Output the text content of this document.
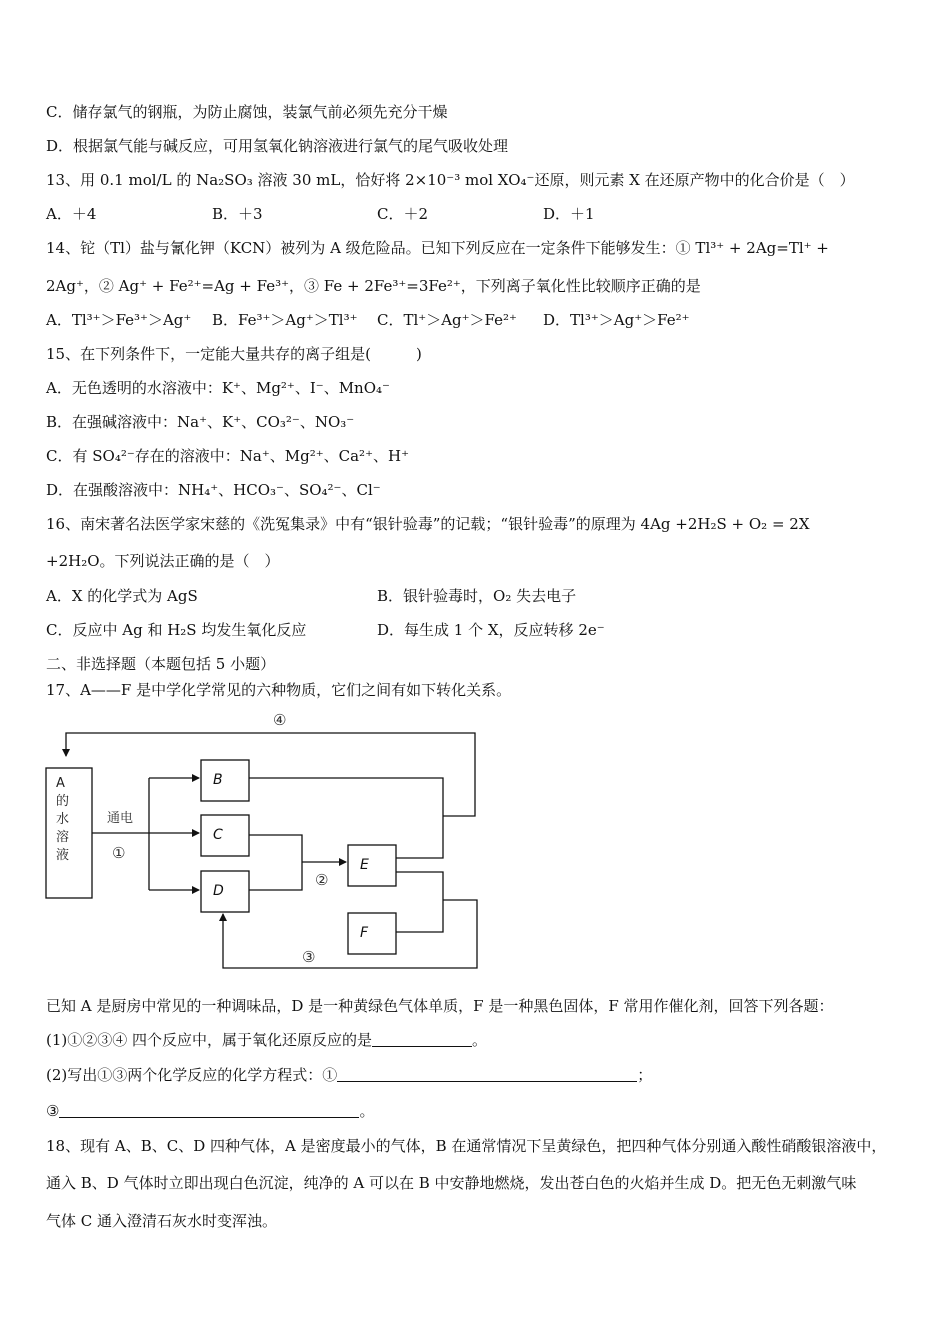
C．储存氯气的钢瓶，为防止腐蚀，装氯气前必须先充分干燥
D．根据氯气能与碱反应，可用氢氧化钠溶液进行氯气的尾气吸收处理
13、用 0.1 mol/L 的 Na₂SO₃ 溶液 30 mL，恰好将 2×10⁻³ mol XO₄⁻还原，则元素 X 在还原产物中的化合价是（　）
A．＋4	B．＋3	C．＋2	D．＋1
14、铊（Tl）盐与氰化钾（KCN）被列为 A 级危险品。已知下列反应在一定条件下能够发生：① Tl³⁺ + 2Ag=Tl⁺ +
2Ag⁺，② Ag⁺ + Fe²⁺=Ag + Fe³⁺，③ Fe + 2Fe³⁺=3Fe²⁺，下列离子氧化性比较顺序正确的是
A．Tl³⁺＞Fe³⁺＞Ag⁺ B．Fe³⁺＞Ag⁺＞Tl³⁺ C．Tl⁺＞Ag⁺＞Fe²⁺ D．Tl³⁺＞Ag⁺＞Fe²⁺
15、在下列条件下，一定能大量共存的离子组是(　　　)
A．无色透明的水溶液中：K⁺、Mg²⁺、I⁻、MnO₄⁻
B．在强碱溶液中：Na⁺、K⁺、CO₃²⁻、NO₃⁻
C．有 SO₄²⁻存在的溶液中：Na⁺、Mg²⁺、Ca²⁺、H⁺
D．在强酸溶液中：NH₄⁺、HCO₃⁻、SO₄²⁻、Cl⁻
16、南宋著名法医学家宋慈的《洗冤集录》中有“银针验毒”的记载；“银针验毒”的原理为 4Ag +2H₂S + O₂ = 2X
+2H₂O。下列说法正确的是（　）
A．X 的化学式为 AgS	B．银针验毒时，O₂ 失去电子
C．反应中 Ag 和 H₂S 均发生氧化反应	D．每生成 1 个 X，反应转移 2e⁻
二、非选择题（本题包括 5 小题）
17、A——F 是中学化学常见的六种物质，它们之间有如下转化关系。
B
C
D
E
F
通电
①
②
③
④
A的水溶液
已知 A 是厨房中常见的一种调味品，D 是一种黄绿色气体单质，F 是一种黑色固体，F 常用作催化剂，回答下列各题：
(1)①②③④ 四个反应中，属于氧化还原反应的是	。
(2)写出①③两个化学反应的化学方程式：①	；
③	。
18、现有 A、B、C、D 四种气体，A 是密度最小的气体，B 在通常情况下呈黄绿色，把四种气体分别通入酸性硝酸银溶液中，
通入 B、D 气体时立即出现白色沉淀，纯净的 A 可以在 B 中安静地燃烧，发出苍白色的火焰并生成 D。把无色无刺激气味
气体 C 通入澄清石灰水时变浑浊。
